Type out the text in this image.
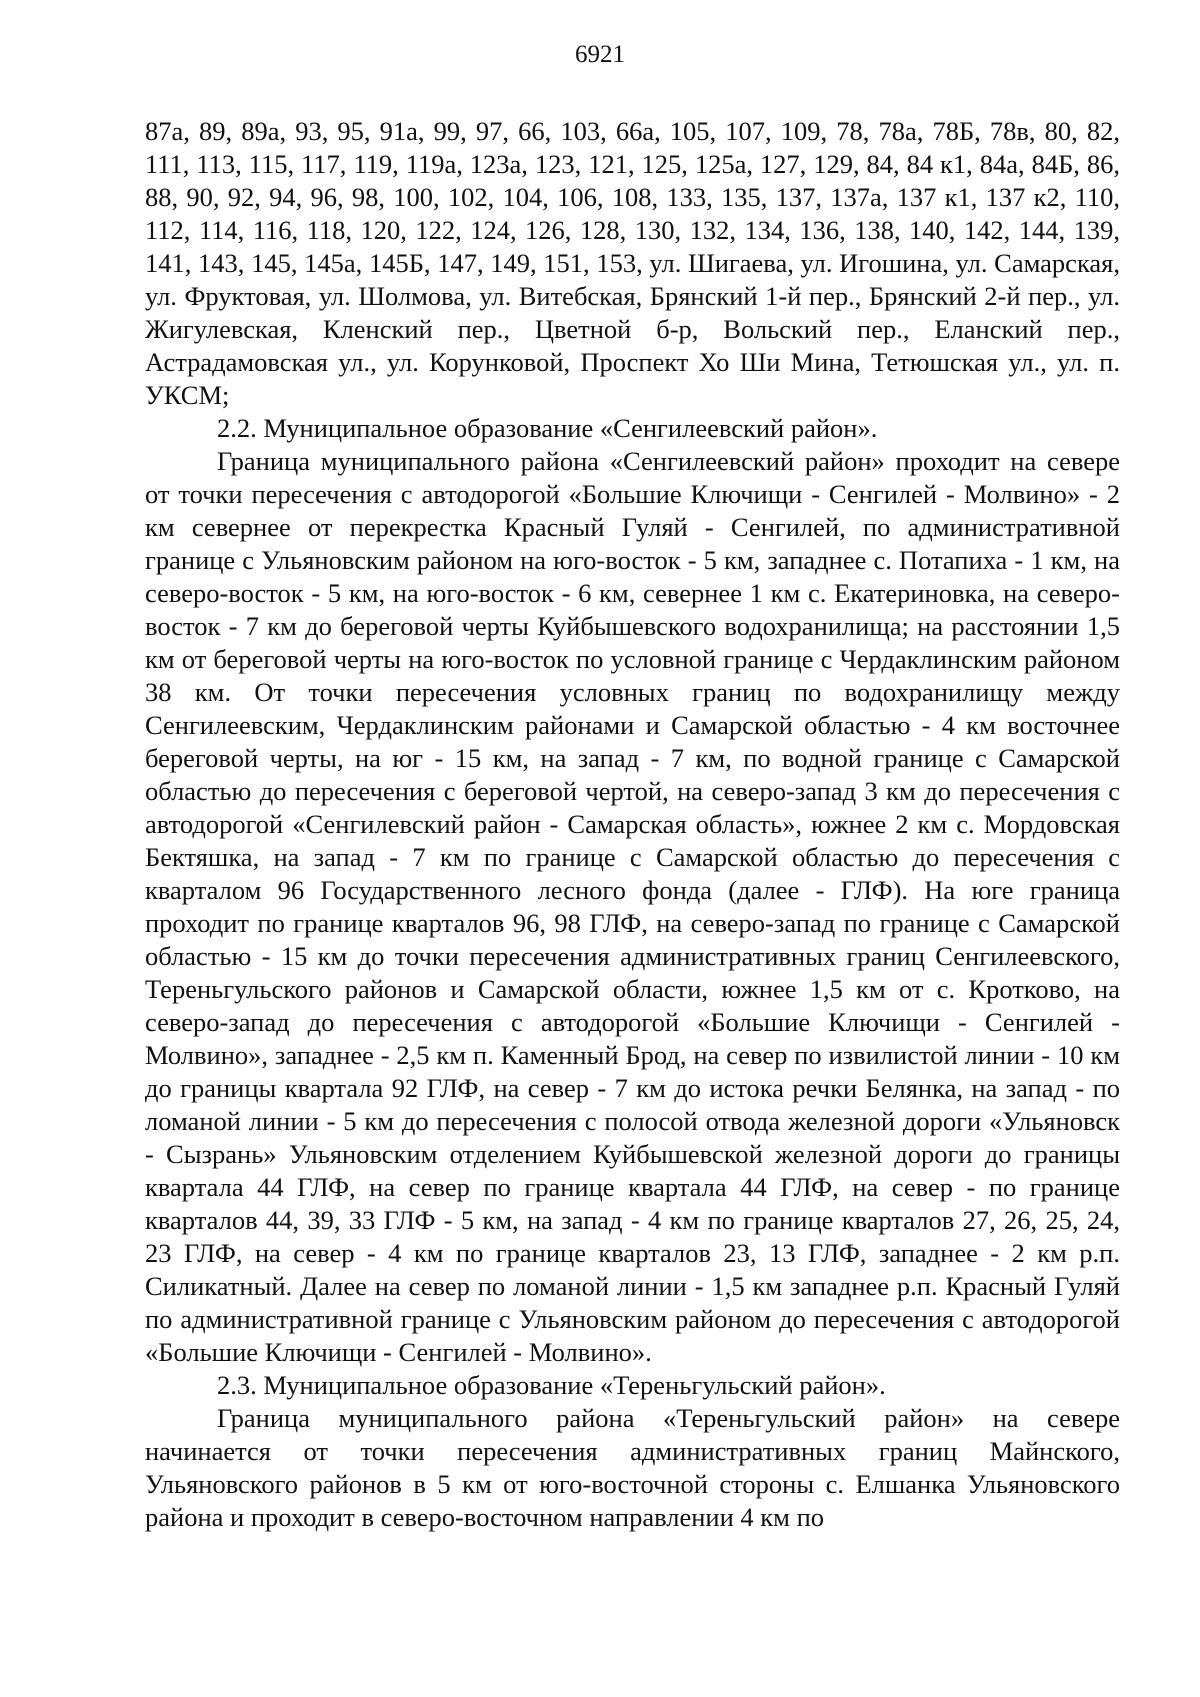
6921

87а, 89, 89а, 93, 95, 91а, 99, 97, 66, 103, 66а, 105, 107, 109, 78, 78а, 78Б, 78в, 80, 82, 111, 113, 115, 117, 119, 119а, 123а, 123, 121, 125, 125а, 127, 129, 84, 84 к1, 84а, 84Б, 86, 88, 90, 92, 94, 96, 98, 100, 102, 104, 106, 108, 133, 135, 137, 137а, 137 к1, 137 к2, 110, 112, 114, 116, 118, 120, 122, 124, 126, 128, 130, 132, 134, 136, 138, 140, 142, 144, 139, 141, 143, 145, 145а, 145Б, 147, 149, 151, 153, ул. Шигаева, ул. Игошина, ул. Самарская, ул. Фруктовая, ул. Шолмова, ул. Витебская, Брянский 1-й пер., Брянский 2-й пер., ул. Жигулевская, Кленский пер., Цветной б-р, Вольский пер., Еланский пер., Астрадамовская ул., ул. Корунковой, Проспект Хо Ши Мина, Тетюшская ул., ул. п. УКСМ;

2.2. Муниципальное образование «Сенгилеевский район».

Граница муниципального района «Сенгилеевский район» проходит на севере от точки пересечения с автодорогой «Большие Ключищи - Сенгилей - Молвино» - 2 км севернее от перекрестка Красный Гуляй - Сенгилей, по административной границе с Ульяновским районом на юго-восток - 5 км, западнее с. Потапиха - 1 км, на северо-восток - 5 км, на юго-восток - 6 км, севернее 1 км с. Екатериновка, на северо-восток - 7 км до береговой черты Куйбышевского водохранилища; на расстоянии 1,5 км от береговой черты на юго-восток по условной границе с Чердаклинским районом 38 км. От точки пересечения условных границ по водохранилищу между Сенгилеевским, Чердаклинским районами и Самарской областью - 4 км восточнее береговой черты, на юг - 15 км, на запад - 7 км, по водной границе с Самарской областью до пересечения с береговой чертой, на северо-запад 3 км до пересечения с автодорогой «Сенгилевский район - Самарская область», южнее 2 км с. Мордовская Бектяшка, на запад - 7 км по границе с Самарской областью до пересечения с кварталом 96 Государственного лесного фонда (далее - ГЛФ). На юге граница проходит по границе кварталов 96, 98 ГЛФ, на северо-запад по границе с Самарской областью - 15 км до точки пересечения административных границ Сенгилеевского, Тереньгульского районов и Самарской области, южнее 1,5 км от с. Кротково, на северо-запад до пересечения с автодорогой «Большие Ключищи - Сенгилей - Молвино», западнее - 2,5 км п. Каменный Брод, на север по извилистой линии - 10 км до границы квартала 92 ГЛФ, на север - 7 км до истока речки Белянка, на запад - по ломаной линии - 5 км до пересечения с полосой отвода железной дороги «Ульяновск - Сызрань» Ульяновским отделением Куйбышевской железной дороги до границы квартала 44 ГЛФ, на север по границе квартала 44 ГЛФ, на север - по границе кварталов 44, 39, 33 ГЛФ - 5 км, на запад - 4 км по границе кварталов 27, 26, 25, 24, 23 ГЛФ, на север - 4 км по границе кварталов 23, 13 ГЛФ, западнее - 2 км р.п. Силикатный. Далее на север по ломаной линии - 1,5 км западнее р.п. Красный Гуляй по административной границе с Ульяновским районом до пересечения с автодорогой «Большие Ключищи - Сенгилей - Молвино».

2.3. Муниципальное образование «Тереньгульский район».

Граница муниципального района «Тереньгульский район» на севере начинается от точки пересечения административных границ Майнского, Ульяновского районов в 5 км от юго-восточной стороны с. Елшанка Ульяновского района и проходит в северо-восточном направлении 4 км по
